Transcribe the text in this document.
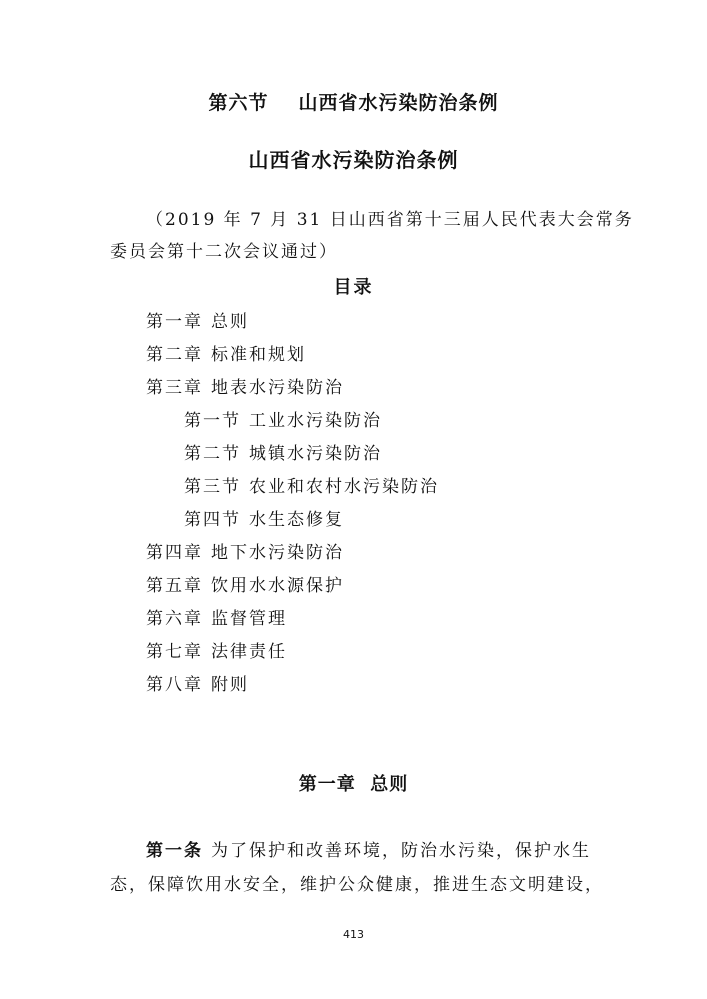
第六节 山西省水污染防治条例
山西省水污染防治条例
（2019 年 7 月 31 日山西省第十三届人民代表大会常务
委员会第十二次会议通过）
目录
第一章 总则
第二章 标准和规划
第三章 地表水污染防治
第一节 工业水污染防治
第二节 城镇水污染防治
第三节 农业和农村水污染防治
第四节 水生态修复
第四章 地下水污染防治
第五章 饮用水水源保护
第六章 监督管理
第七章 法律责任
第八章 附则
第一章  总则
第一条 为了保护和改善环境，防治水污染，保护水生
态，保障饮用水安全，维护公众健康，推进生态文明建设，
413
